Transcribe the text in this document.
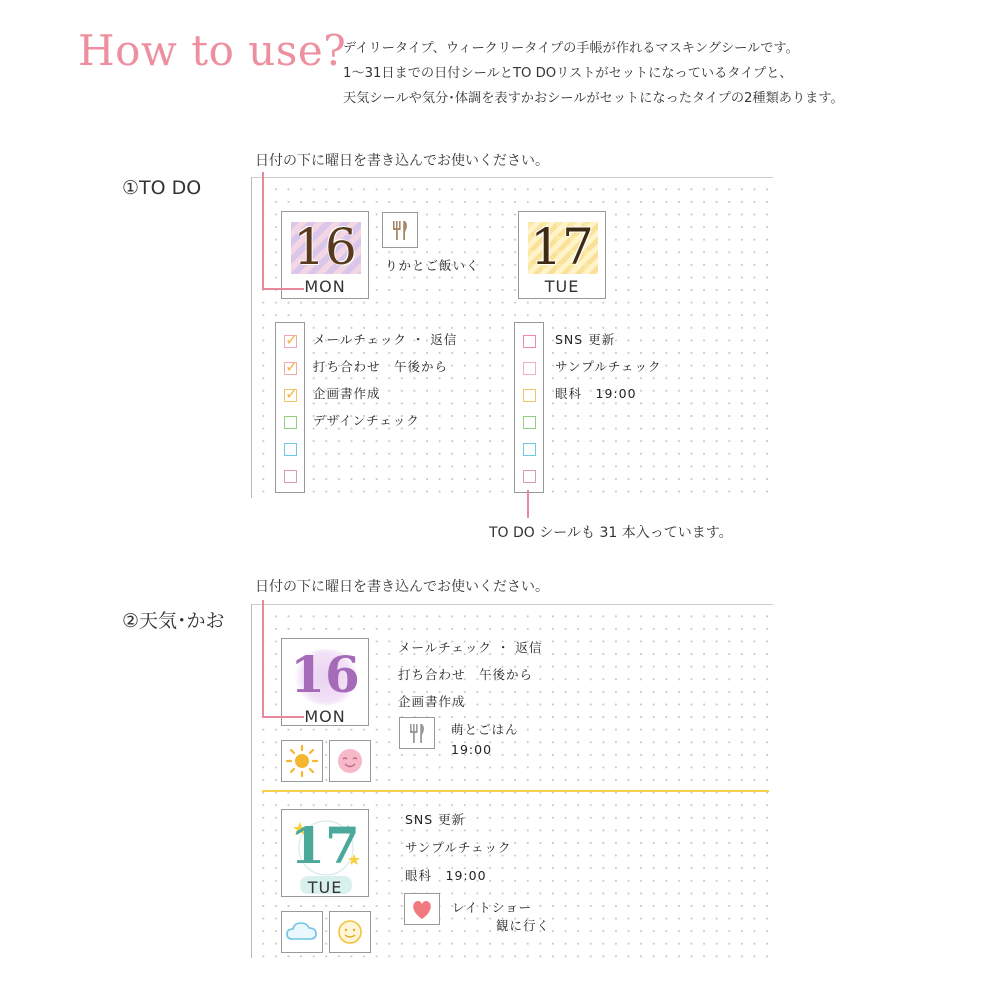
How to use?
デイリータイプ、ウィークリータイプの手帳が作れるマスキングシールです。
1〜31日までの日付シールとTO DOリストがセットになっているタイプと、
天気シールや気分･体調を表すかおシールがセットになったタイプの2種類あります。
日付の下に曜日を書き込んでお使いください。
①TO DO
16
MON
りかとご飯いく
✓
✓
✓
メールチェック ・ 返信
打ち合わせ　午後から
企画書作成
デザインチェック
17
TUE
SNS 更新
サンプルチェック
眼科　19:00
TO DO シールも 31 本入っています。
日付の下に曜日を書き込んでお使いください。
②天気･かお
16
MON
メールチェック ・ 返信
打ち合わせ　午後から
企画書作成
萌とごはん
19:00
17
TUE
SNS 更新
サンプルチェック
眼科　19:00
レイトショー
観に行く
